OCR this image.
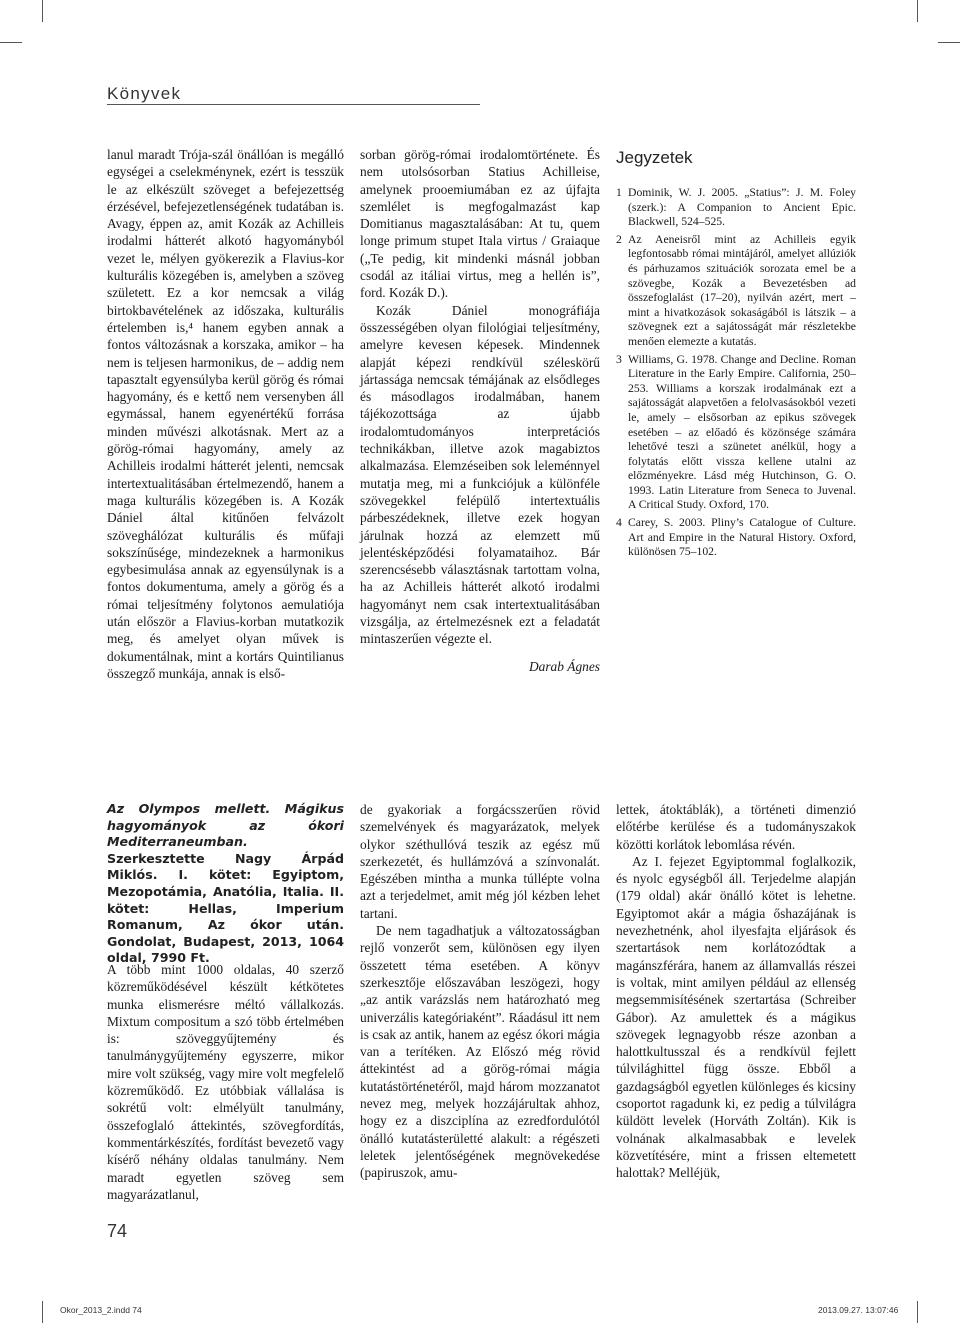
Könyvek

lanul maradt Trója-szál önállóan is megálló egységei a cselekménynek, ezért is tesszük le az elkészült szöveget a befejezettség érzésével, befejezetlenségének tudatában is. Avagy, éppen az, amit Kozák az Achilleis irodalmi hátterét alkotó hagyományból vezet le, mélyen gyökerezik a Flavius-kor kulturális közegében is, amelyben a szöveg született. Ez a kor nemcsak a világ birtokbavételének az időszaka, kulturális értelemben is,⁴ hanem egyben annak a fontos változásnak a korszaka, amikor – ha nem is teljesen harmonikus, de – addig nem tapasztalt egyensúlyba kerül görög és római hagyomány, és e kettő nem versenyben áll egymással, hanem egyenértékű forrása minden művészi alkotásnak. Mert az a görög-római hagyomány, amely az Achilleis irodalmi hátterét jelenti, nemcsak intertextualitásában értelmezendő, hanem a maga kulturális közegében is. A Kozák Dániel által kitűnően felvázolt szöveghálózat kulturális és műfaji sokszínűsége, mindezeknek a harmonikus egybesimulása annak az egyensúlynak is a fontos dokumentuma, amely a görög és a római teljesítmény folytonos aemulatiója után először a Flavius-korban mutatkozik meg, és amelyet olyan művek is dokumentálnak, mint a kortárs Quintilianus összegző munkája, annak is első-

sorban görög-római irodalomtörténete. És nem utolsósorban Statius Achilleise, amelynek prooemiumában ez az újfajta szemlélet is megfogalmazást kap Domitianus magasztalásában: At tu, quem longe primum stupet Itala virtus / Graiaque („Te pedig, kit mindenki másnál jobban csodál az itáliai virtus, meg a hellén is”, ford. Kozák D.).

Kozák Dániel monográfiája összességében olyan filológiai teljesítmény, amelyre kevesen képesek. Mindennek alapját képezi rendkívül széleskörű jártassága nemcsak témájának az elsődleges és másodlagos irodalmában, hanem tájékozottsága az újabb irodalomtudományos interpretációs technikákban, illetve azok magabiztos alkalmazása. Elemzéseiben sok leleménnyel mutatja meg, mi a funkciójuk a különféle szövegekkel felépülő intertextuális párbeszédeknek, illetve ezek hogyan járulnak hozzá az elemzett mű jelentésképződési folyamataihoz. Bár szerencsésebb választásnak tartottam volna, ha az Achilleis hátterét alkotó irodalmi hagyományt nem csak intertextualitásában vizsgálja, az értelmezésnek ezt a feladatát mintaszerűen végezte el.

Darab Ágnes
Jegyzetek
1 Dominik, W. J. 2005. „Statius”: J. M. Foley (szerk.): A Companion to Ancient Epic. Blackwell, 524–525.
2 Az Aeneisről mint az Achilleis egyik legfontosabb római mintájáról, amelyet allúziók és párhuzamos szituációk sorozata emel be a szövegbe, Kozák a Bevezetésben ad összefoglalást (17–20), nyilván azért, mert – mint a hivatkozások sokaságából is látszik – a szövegnek ezt a sajátosságát már részletekbe menően elemezte a kutatás.
3 Williams, G. 1978. Change and Decline. Roman Literature in the Early Empire. California, 250–253. Williams a korszak irodalmának ezt a sajátosságát alapvetően a felolvasásokból vezeti le, amely – elsősorban az epikus szövegek esetében – az előadó és közönsége számára lehetővé teszi a szünetet anélkül, hogy a folytatás előtt vissza kellene utalni az előzményekre. Lásd még Hutchinson, G. O. 1993. Latin Literature from Seneca to Juvenal. A Critical Study. Oxford, 170.
4 Carey, S. 2003. Pliny’s Catalogue of Culture. Art and Empire in the Natural History. Oxford, különösen 75–102.
Az Olympos mellett. Mágikus hagyományok az ókori Mediterraneumban. Szerkesztette Nagy Árpád Miklós. I. kötet: Egyiptom, Mezopotámia, Anatólia, Italia. II. kötet: Hellas, Imperium Romanum, Az ókor után. Gondolat, Budapest, 2013, 1064 oldal, 7990 Ft.

A több mint 1000 oldalas, 40 szerző közreműködésével készült kétkötetes munka elismerésre méltó vállalkozás. Mixtum compositum a szó több értelmében is: szöveggyűjtemény és tanulmánygyűjtemény egyszerre, mikor mire volt szükség, vagy mire volt megfelelő közreműködő. Ez utóbbiak vállalása is sokrétű volt: elmélyült tanulmány, összefoglaló áttekintés, szövegfordítás, kommentárkészítés, fordítást bevezető vagy kísérő néhány oldalas tanulmány. Nem maradt egyetlen szöveg sem magyarázatlanul,

de gyakoriak a forgácsszerűen rövid szemelvények és magyarázatok, melyek olykor széthullóvá teszik az egész mű szerkezetét, és hullámzóvá a színvonalát. Egészében mintha a munka túllépte volna azt a terjedelmet, amit még jól kézben lehet tartani.

De nem tagadhatjuk a változatosságban rejlő vonzerőt sem, különösen egy ilyen összetett téma esetében. A könyv szerkesztője előszavában leszögezi, hogy „az antik varázslás nem határozható meg univerzális kategóriaként”. Ráadásul itt nem is csak az antik, hanem az egész ókori mágia van a terítéken. Az Előszó még rövid áttekintést ad a görög-római mágia kutatástörténetéről, majd három mozzanatot nevez meg, melyek hozzájárultak ahhoz, hogy ez a diszciplína az ezredfordulótól önálló kutatásterületté alakult: a régészeti leletek jelentőségének megnövekedése (papiruszok, amu-

lettek, átoktáblák), a történeti dimenzió előtérbe kerülése és a tudományszakok közötti korlátok lebomlása révén.

Az I. fejezet Egyiptommal foglalkozik, és nyolc egységből áll. Terjedelme alapján (179 oldal) akár önálló kötet is lehetne. Egyiptomot akár a mágia őshazájának is nevezhetnénk, ahol ilyesfajta eljárások és szertartások nem korlátozódtak a magánszférára, hanem az államvallás részei is voltak, mint amilyen például az ellenség megsemmisítésének szertartása (Schreiber Gábor). Az amulettek és a mágikus szövegek legnagyobb része azonban a halottkultusszal és a rendkívül fejlett túlvilághittel függ össze. Ebből a gazdagságból egyetlen különleges és kicsiny csoportot ragadunk ki, ez pedig a túlvilágra küldött levelek (Horváth Zoltán). Kik is volnának alkalmasabbak e levelek közvetítésére, mint a frissen eltemetett halottak? Melléjük,

74
Okor_2013_2.indd 74	2013.09.27. 13:07:46
